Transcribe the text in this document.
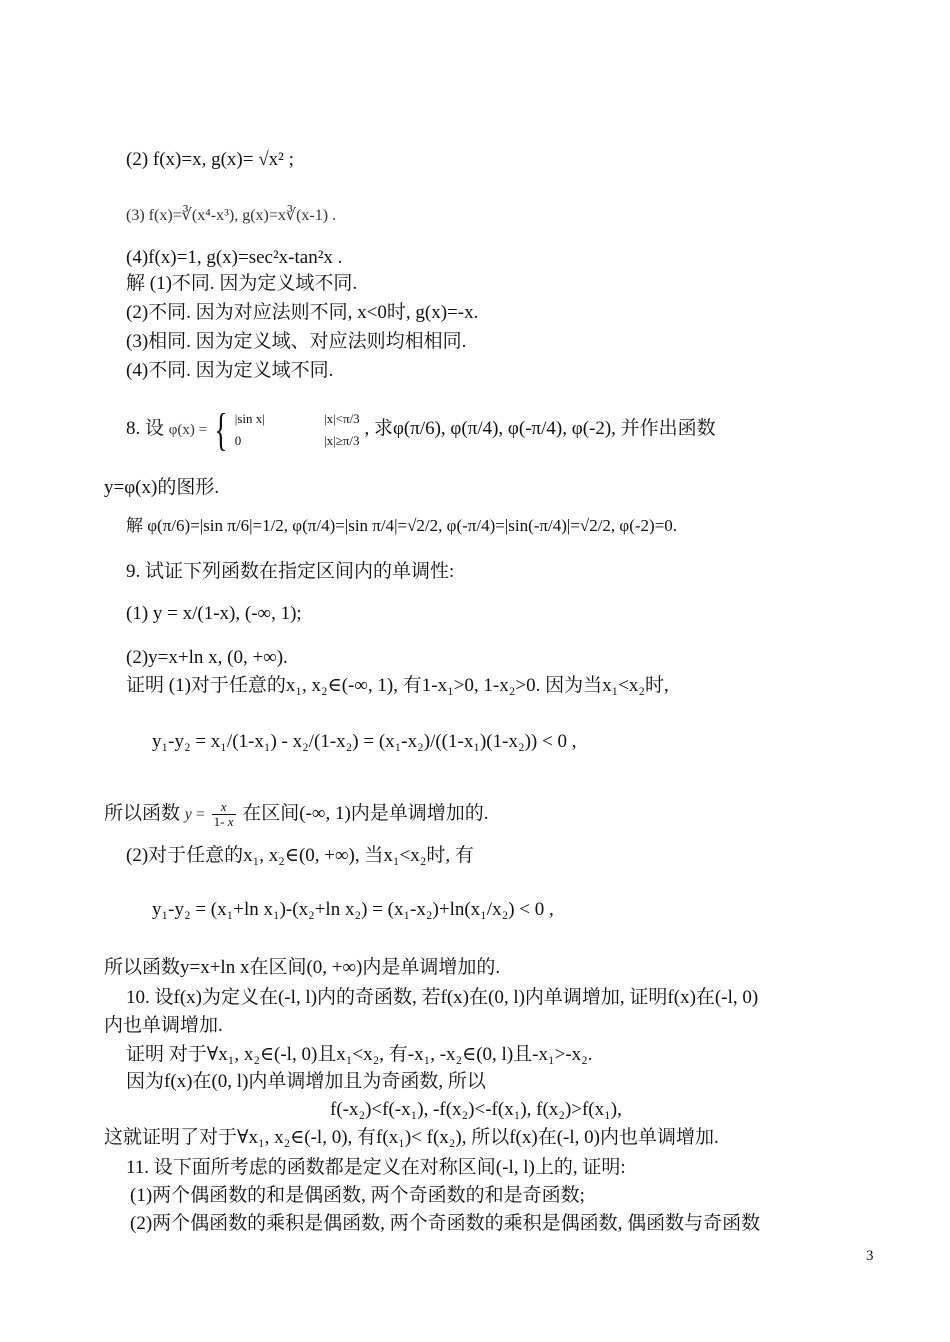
(2) f(x)=x, g(x)= √x² ;
(3) f(x)=∛(x⁴-x³), g(x)=x∛(x-1) .
(4)f(x)=1, g(x)=sec²x-tan²x .
解 (1)不同. 因为定义域不同.
(2)不同. 因为对应法则不同, x<0时, g(x)=-x.
(3)相同. 因为定义域、对应法则均相相同.
(4)不同. 因为定义域不同.
8. 设 φ(x) = { |sin x|	|x|<π/3
0	|x|≥π/3
, 求φ(π/6), φ(π/4), φ(-π/4), φ(-2), 并作出函数
y=φ(x)的图形.
解 φ(π/6)=|sin π/6|=1/2, φ(π/4)=|sin π/4|=√2/2, φ(-π/4)=|sin(-π/4)|=√2/2, φ(-2)=0.
9. 试证下列函数在指定区间内的单调性:
(1) y = x/(1-x), (-∞, 1);
(2)y=x+ln x, (0, +∞).
证明 (1)对于任意的x₁, x₂∈(-∞, 1), 有1-x₁>0, 1-x₂>0. 因为当x₁<x₂时,
y₁-y₂ = x₁/(1-x₁) - x₂/(1-x₂) = (x₁-x₂)/((1-x₁)(1-x₂)) < 0 ,
所以函数 $y = \frac{x}{1- x}$ 在区间(-∞, 1)内是单调增加的.
(2)对于任意的x₁, x₂∈(0, +∞), 当x₁<x₂时, 有
y₁-y₂ = (x₁+ln x₁)-(x₂+ln x₂) = (x₁-x₂)+ln(x₁/x₂) < 0 ,
所以函数y=x+ln x在区间(0, +∞)内是单调增加的.
10. 设f(x)为定义在(-l, l)内的奇函数, 若f(x)在(0, l)内单调增加, 证明f(x)在(-l, 0)
内也单调增加.
证明 对于∀x₁, x₂∈(-l, 0)且x₁<x₂, 有-x₁, -x₂∈(0, l)且-x₁>-x₂.
因为f(x)在(0, l)内单调增加且为奇函数, 所以
f(-x₂)<f(-x₁), -f(x₂)<-f(x₁), f(x₂)>f(x₁),
这就证明了对于∀x₁, x₂∈(-l, 0), 有f(x₁)< f(x₂), 所以f(x)在(-l, 0)内也单调增加.
11. 设下面所考虑的函数都是定义在对称区间(-l, l)上的, 证明:
(1)两个偶函数的和是偶函数, 两个奇函数的和是奇函数;
(2)两个偶函数的乘积是偶函数, 两个奇函数的乘积是偶函数, 偶函数与奇函数
3
